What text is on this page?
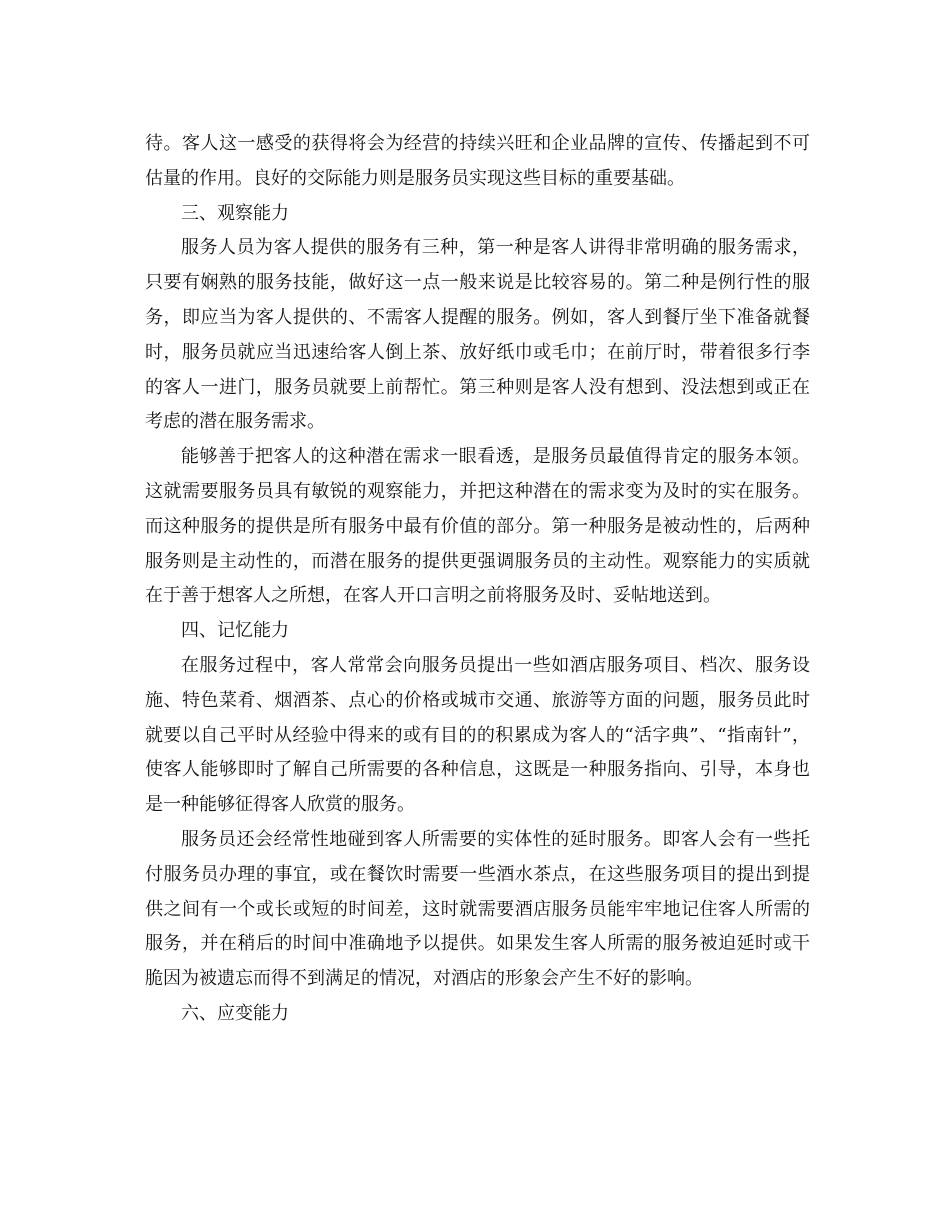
待。客人这一感受的获得将会为经营的持续兴旺和企业品牌的宣传、传播起到不可估量的作用。良好的交际能力则是服务员实现这些目标的重要基础。

三、观察能力

服务人员为客人提供的服务有三种，第一种是客人讲得非常明确的服务需求，只要有娴熟的服务技能，做好这一点一般来说是比较容易的。第二种是例行性的服务，即应当为客人提供的、不需客人提醒的服务。例如，客人到餐厅坐下准备就餐时，服务员就应当迅速给客人倒上茶、放好纸巾或毛巾；在前厅时，带着很多行李的客人一进门，服务员就要上前帮忙。第三种则是客人没有想到、没法想到或正在考虑的潜在服务需求。

能够善于把客人的这种潜在需求一眼看透，是服务员最值得肯定的服务本领。这就需要服务员具有敏锐的观察能力，并把这种潜在的需求变为及时的实在服务。而这种服务的提供是所有服务中最有价值的部分。第一种服务是被动性的，后两种服务则是主动性的，而潜在服务的提供更强调服务员的主动性。观察能力的实质就在于善于想客人之所想，在客人开口言明之前将服务及时、妥帖地送到。

四、记忆能力

在服务过程中，客人常常会向服务员提出一些如酒店服务项目、档次、服务设施、特色菜肴、烟酒茶、点心的价格或城市交通、旅游等方面的问题，服务员此时就要以自己平时从经验中得来的或有目的的积累成为客人的“活字典”、“指南针”，使客人能够即时了解自己所需要的各种信息，这既是一种服务指向、引导，本身也是一种能够征得客人欣赏的服务。

服务员还会经常性地碰到客人所需要的实体性的延时服务。即客人会有一些托付服务员办理的事宜，或在餐饮时需要一些酒水茶点，在这些服务项目的提出到提供之间有一个或长或短的时间差，这时就需要酒店服务员能牢牢地记住客人所需的服务，并在稍后的时间中准确地予以提供。如果发生客人所需的服务被迫延时或干脆因为被遗忘而得不到满足的情况，对酒店的形象会产生不好的影响。

六、应变能力
